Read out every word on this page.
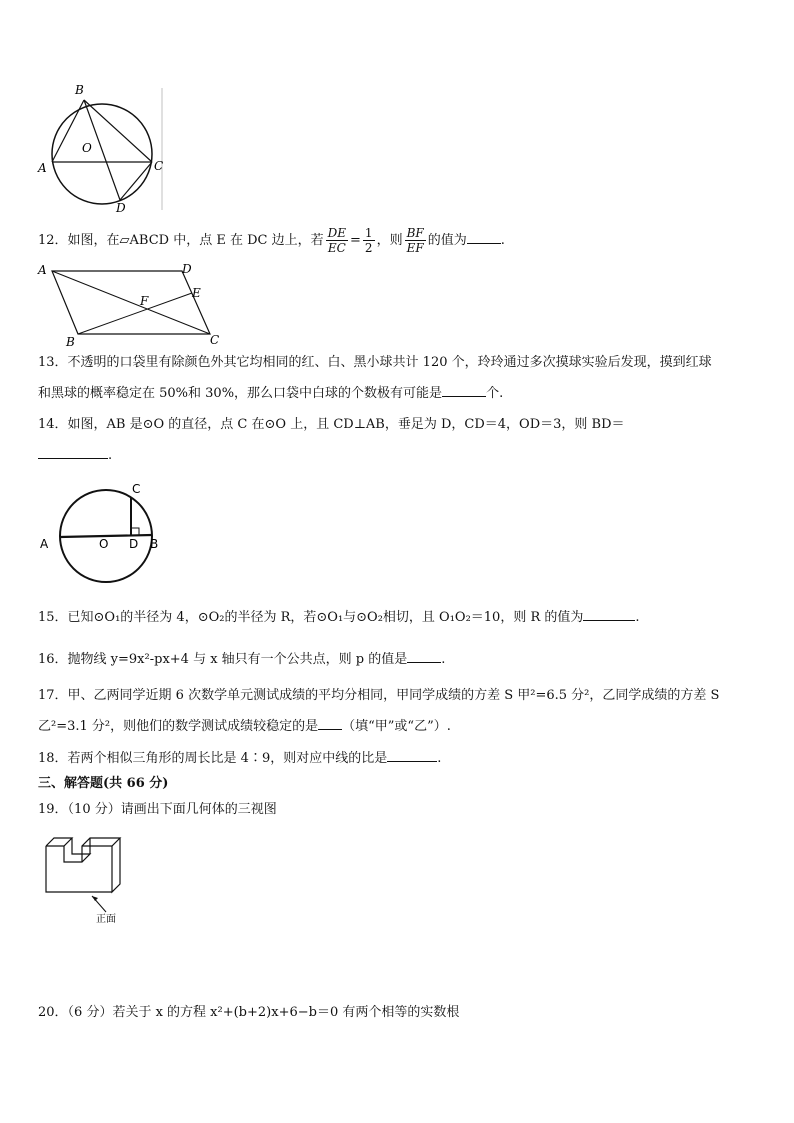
B
O
A	C
D
12．如图，在▱ABCD 中，点 E 在 DC 边上，若 $\frac{DE}{EC} = \frac{1}{2}$ ，则 $\frac{BF}{EF}$ 的值为	.
A	D
F
E
B	C
13．不透明的口袋里有除颜色外其它均相同的红、白、黑小球共计 120 个，玲玲通过多次摸球实验后发现，摸到红球
和黑球的概率稳定在 50%和 30%，那么口袋中白球的个数极有可能是	个.
14．如图，AB 是⊙O 的直径，点 C 在⊙O 上，且 CD⊥AB，垂足为 D，CD＝4，OD＝3，则 BD＝
.
C
A	O D B
15．已知⊙O₁的半径为 4，⊙O₂的半径为 R，若⊙O₁与⊙O₂相切，且 O₁O₂＝10，则 R 的值为	.
16．抛物线 y=9x²-px+4 与 x 轴只有一个公共点，则 p 的值是	.
17．甲、乙两同学近期 6 次数学单元测试成绩的平均分相同，甲同学成绩的方差 S 甲²=6.5 分²，乙同学成绩的方差 S
乙²=3.1 分²，则他们的数学测试成绩较稳定的是 （填“甲”或“乙”）.
18．若两个相似三角形的周长比是 4∶9，则对应中线的比是	.
三、解答题(共 66 分)
19．（10 分）请画出下面几何体的三视图
正面
20．（6 分）若关于 x 的方程 x²+(b+2)x+6−b＝0 有两个相等的实数根
